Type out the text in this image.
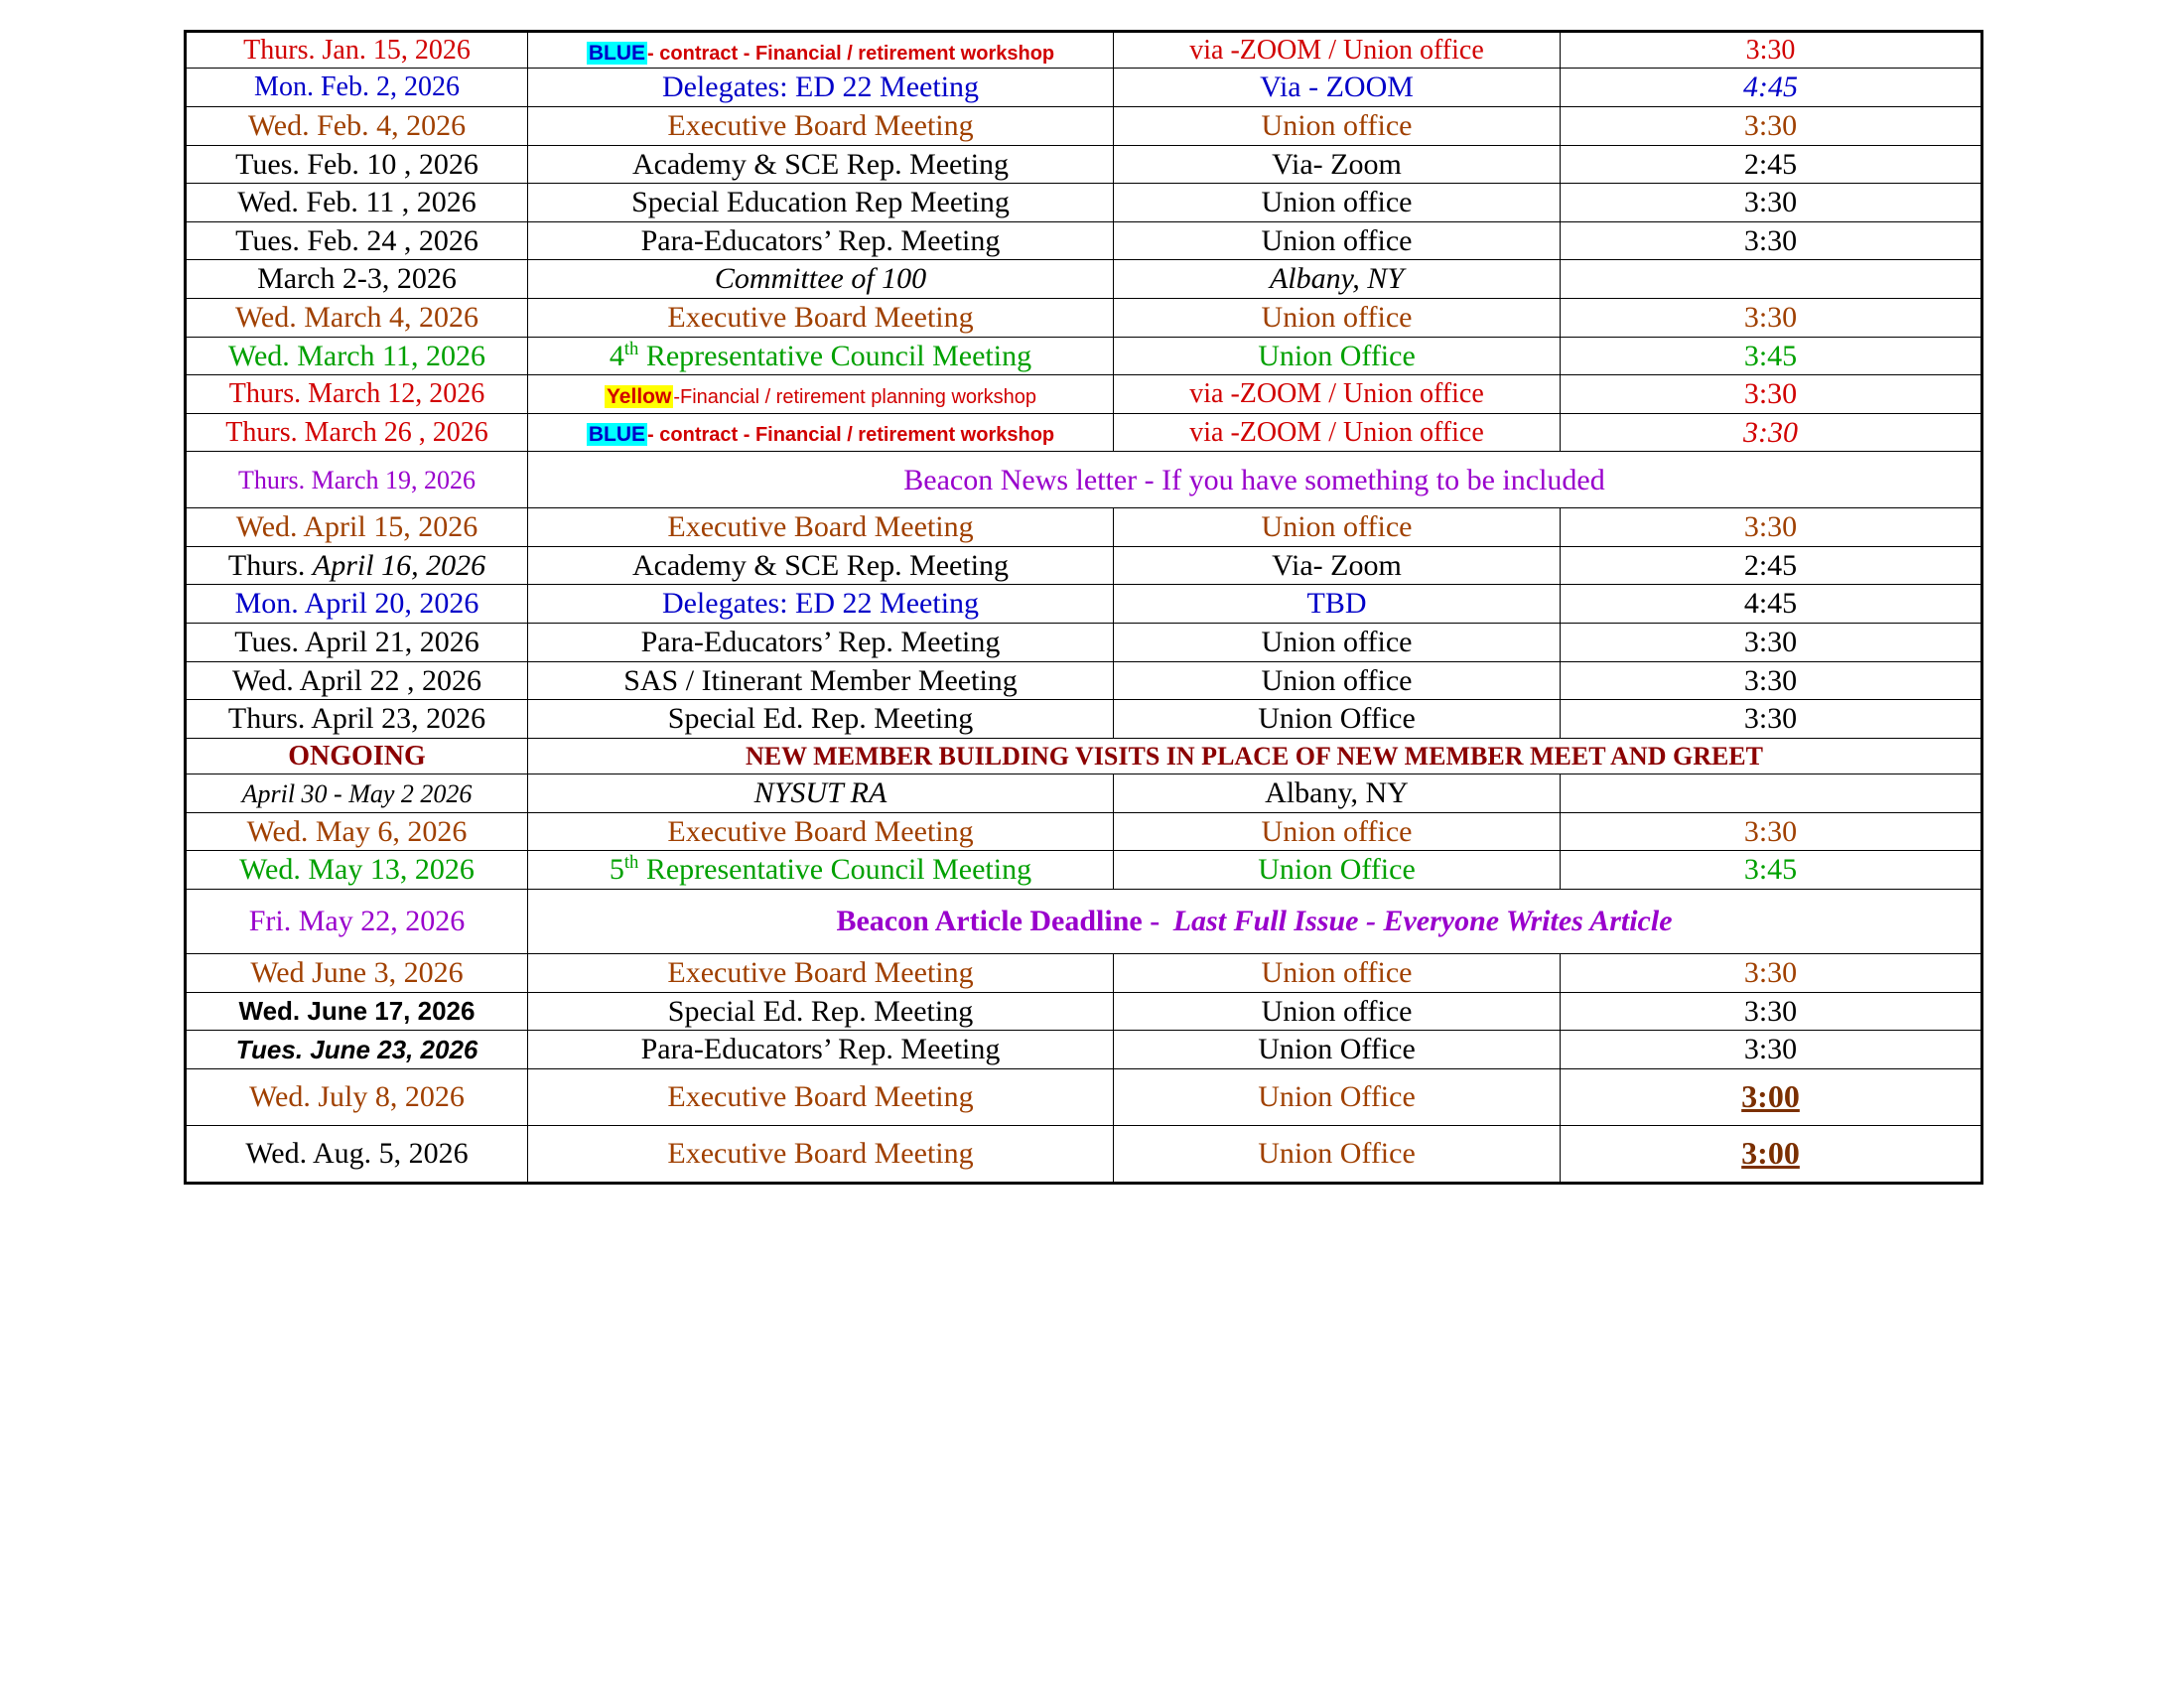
Thurs. Jan. 15, 2026	BLUE - contract - Financial / retirement workshop	via -ZOOM / Union office	3:30
Mon. Feb. 2, 2026	Delegates: ED 22 Meeting	Via - ZOOM	4:45
Wed. Feb. 4, 2026	Executive Board Meeting	Union office	3:30
Tues. Feb. 10 , 2026	Academy & SCE Rep. Meeting	Via- Zoom	2:45
Wed. Feb. 11 , 2026	Special Education Rep Meeting	Union office	3:30
Tues. Feb. 24 , 2026	Para-Educators’ Rep. Meeting	Union office	3:30
March 2-3, 2026	Committee of 100	Albany, NY	
Wed. March 4, 2026	Executive Board Meeting	Union office	3:30
Wed. March 11, 2026	4th Representative Council Meeting	Union Office	3:45
Thurs. March 12, 2026	Yellow -Financial / retirement planning workshop	via -ZOOM / Union office	3:30
Thurs. March 26 , 2026	BLUE - contract - Financial / retirement workshop	via -ZOOM / Union office	3:30
Thurs. March 19, 2026	Beacon News letter - If you have something to be included		
Wed. April 15, 2026	Executive Board Meeting	Union office	3:30
Thurs. April 16, 2026	Academy & SCE Rep. Meeting	Via- Zoom	2:45
Mon. April 20, 2026	Delegates: ED 22 Meeting	TBD	4:45
Tues. April 21, 2026	Para-Educators’ Rep. Meeting	Union office	3:30
Wed. April 22 , 2026	SAS / Itinerant Member Meeting	Union office	3:30
Thurs. April 23, 2026	Special Ed. Rep. Meeting	Union Office	3:30
ONGOING	NEW MEMBER BUILDING VISITS IN PLACE OF NEW MEMBER MEET AND GREET		
April 30 - May 2 2026	NYSUT RA	Albany, NY	
Wed. May 6, 2026	Executive Board Meeting	Union office	3:30
Wed. May 13, 2026	5th Representative Council Meeting	Union Office	3:45
Fri. May 22, 2026	Beacon Article Deadline - Last Full Issue - Everyone Writes Article		
Wed June 3, 2026	Executive Board Meeting	Union office	3:30
Wed. June 17, 2026	Special Ed. Rep. Meeting	Union office	3:30
Tues. June 23, 2026	Para-Educators’ Rep. Meeting	Union Office	3:30
Wed. July 8, 2026	Executive Board Meeting	Union Office	3:00
Wed. Aug. 5, 2026	Executive Board Meeting	Union Office	3:00
